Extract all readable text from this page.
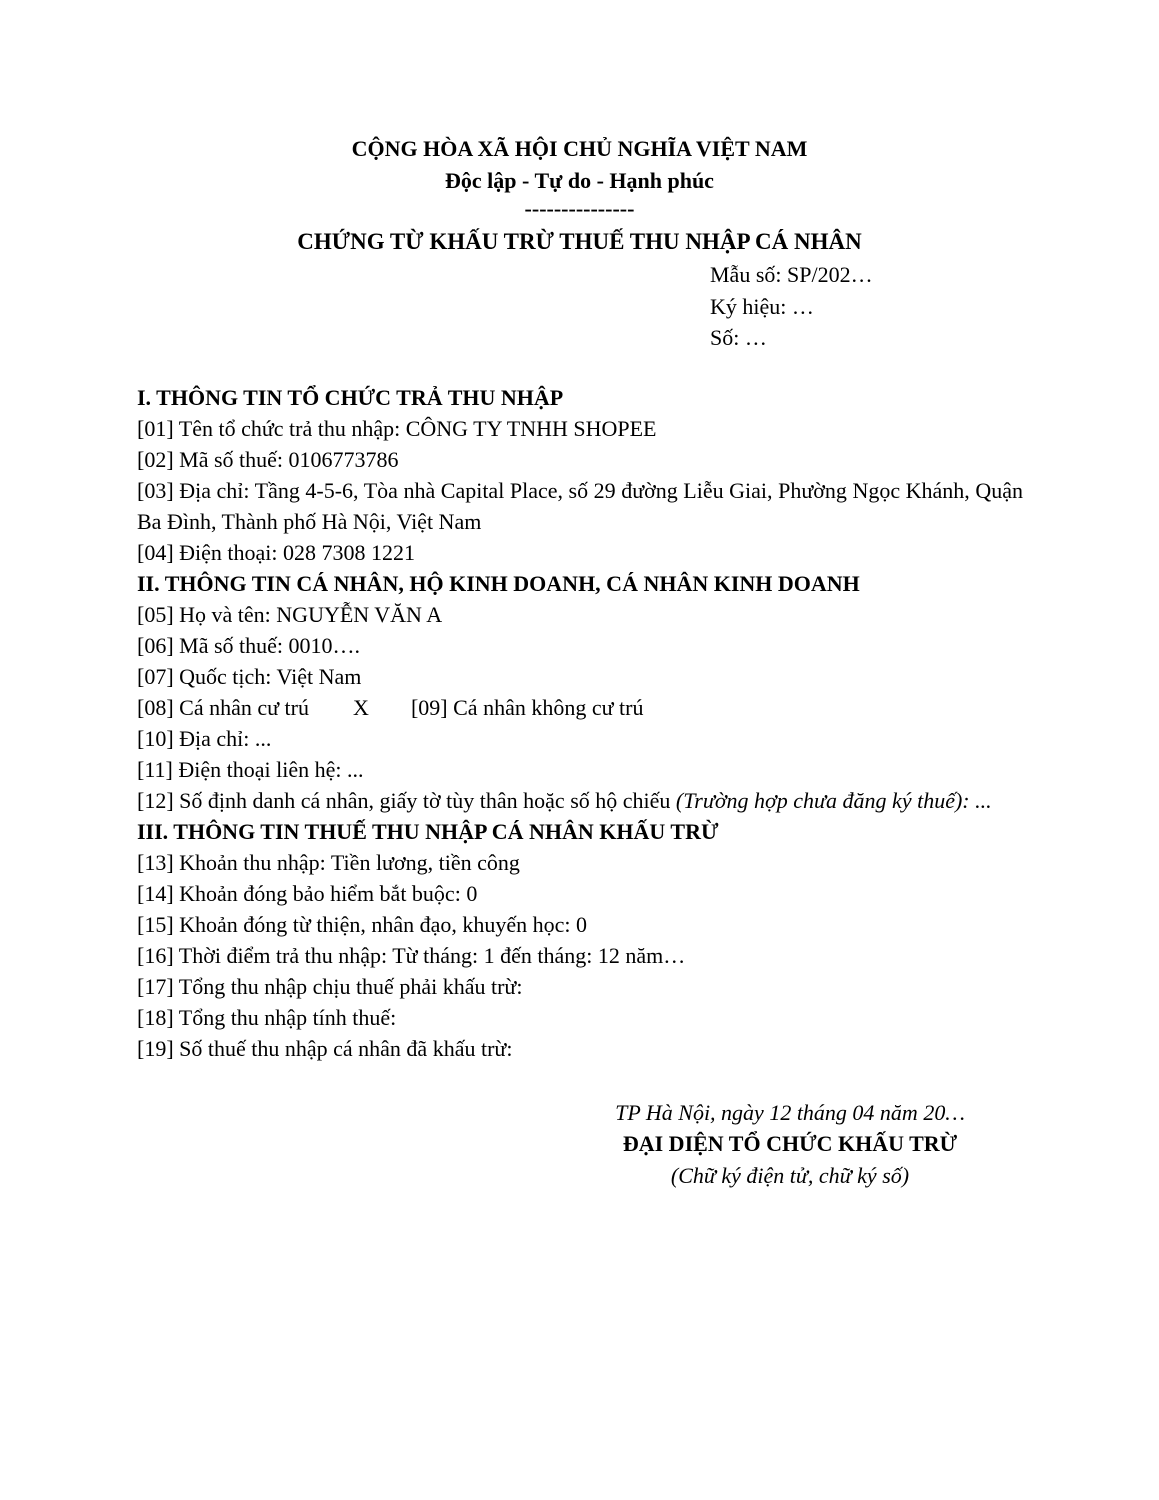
CỘNG HÒA XÃ HỘI CHỦ NGHĨA VIỆT NAM
Độc lập - Tự do - Hạnh phúc
---------------
CHỨNG TỪ KHẤU TRỪ THUẾ THU NHẬP CÁ NHÂN
Mẫu số: SP/202…
Ký hiệu: …
Số: …
I. THÔNG TIN TỔ CHỨC TRẢ THU NHẬP
[01] Tên tổ chức trả thu nhập: CÔNG TY TNHH SHOPEE
[02] Mã số thuế: 0106773786
[03] Địa chỉ: Tầng 4-5-6, Tòa nhà Capital Place, số 29 đường Liễu Giai, Phường Ngọc Khánh, Quận Ba Đình, Thành phố Hà Nội, Việt Nam
[04] Điện thoại: 028 7308 1221
II. THÔNG TIN CÁ NHÂN, HỘ KINH DOANH, CÁ NHÂN KINH DOANH
[05] Họ và tên: NGUYỄN VĂN A
[06] Mã số thuế: 0010….
[07] Quốc tịch: Việt Nam
[08] Cá nhân cư trú X [09] Cá nhân không cư trú
[10] Địa chỉ: ...
[11] Điện thoại liên hệ: ...
[12] Số định danh cá nhân, giấy tờ tùy thân hoặc số hộ chiếu (Trường hợp chưa đăng ký thuế): ...
III. THÔNG TIN THUẾ THU NHẬP CÁ NHÂN KHẤU TRỪ
[13] Khoản thu nhập: Tiền lương, tiền công
[14] Khoản đóng bảo hiểm bắt buộc: 0
[15] Khoản đóng từ thiện, nhân đạo, khuyến học: 0
[16] Thời điểm trả thu nhập: Từ tháng: 1 đến tháng: 12 năm…
[17] Tổng thu nhập chịu thuế phải khấu trừ:
[18] Tổng thu nhập tính thuế:
[19] Số thuế thu nhập cá nhân đã khấu trừ:
TP Hà Nội, ngày 12 tháng 04 năm 20…
ĐẠI DIỆN TỔ CHỨC KHẤU TRỪ
(Chữ ký điện tử, chữ ký số)
